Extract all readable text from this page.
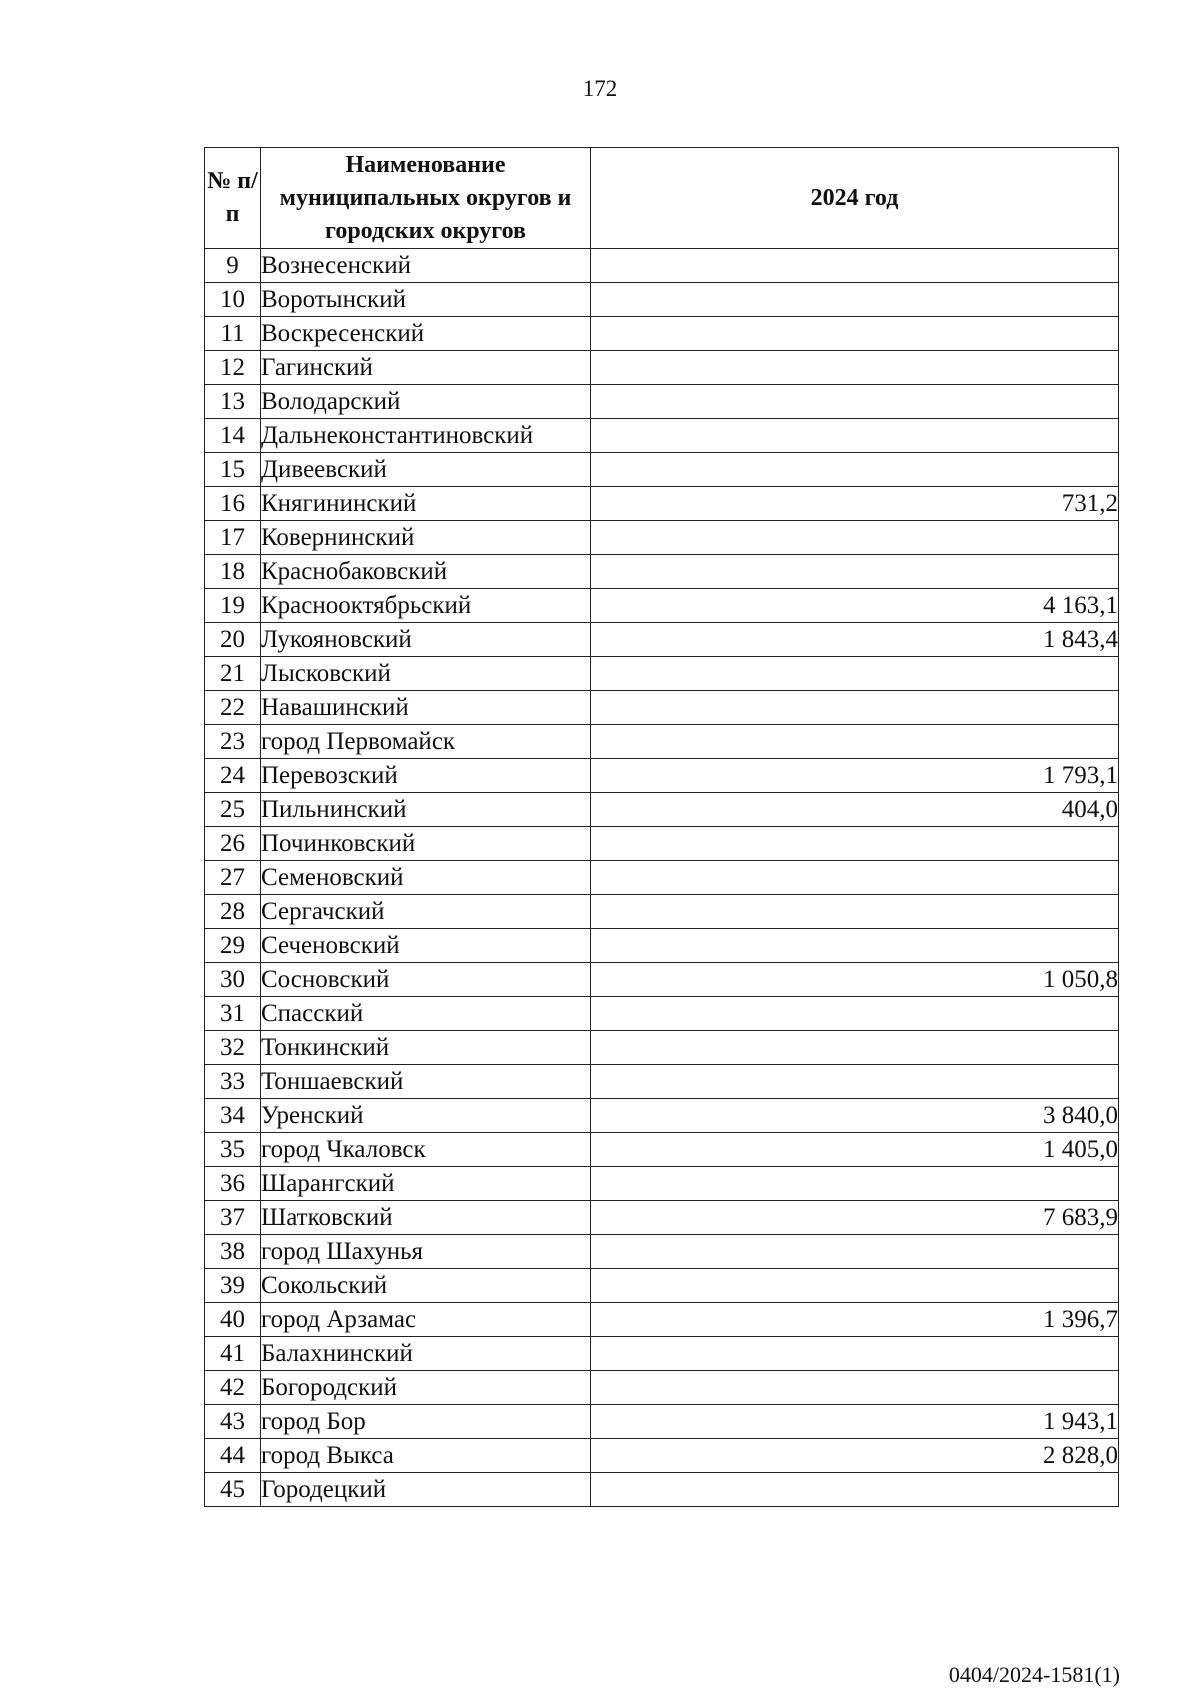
172
№ п/п	Наименование муниципальных округов и городских округов	2024 год
9	Вознесенский	
10	Воротынский	
11	Воскресенский	
12	Гагинский	
13	Володарский	
14	Дальнеконстантиновский	
15	Дивеевский	
16	Княгининский	731,2
17	Ковернинский	
18	Краснобаковский	
19	Краснооктябрьский	4 163,1
20	Лукояновский	1 843,4
21	Лысковский	
22	Навашинский	
23	город Первомайск	
24	Перевозский	1 793,1
25	Пильнинский	404,0
26	Починковский	
27	Семеновский	
28	Сергачский	
29	Сеченовский	
30	Сосновский	1 050,8
31	Спасский	
32	Тонкинский	
33	Тоншаевский	
34	Уренский	3 840,0
35	город Чкаловск	1 405,0
36	Шарангский	
37	Шатковский	7 683,9
38	город Шахунья	
39	Сокольский	
40	город Арзамас	1 396,7
41	Балахнинский	
42	Богородский	
43	город Бор	1 943,1
44	город Выкса	2 828,0
45	Городецкий	
0404/2024-1581(1)
